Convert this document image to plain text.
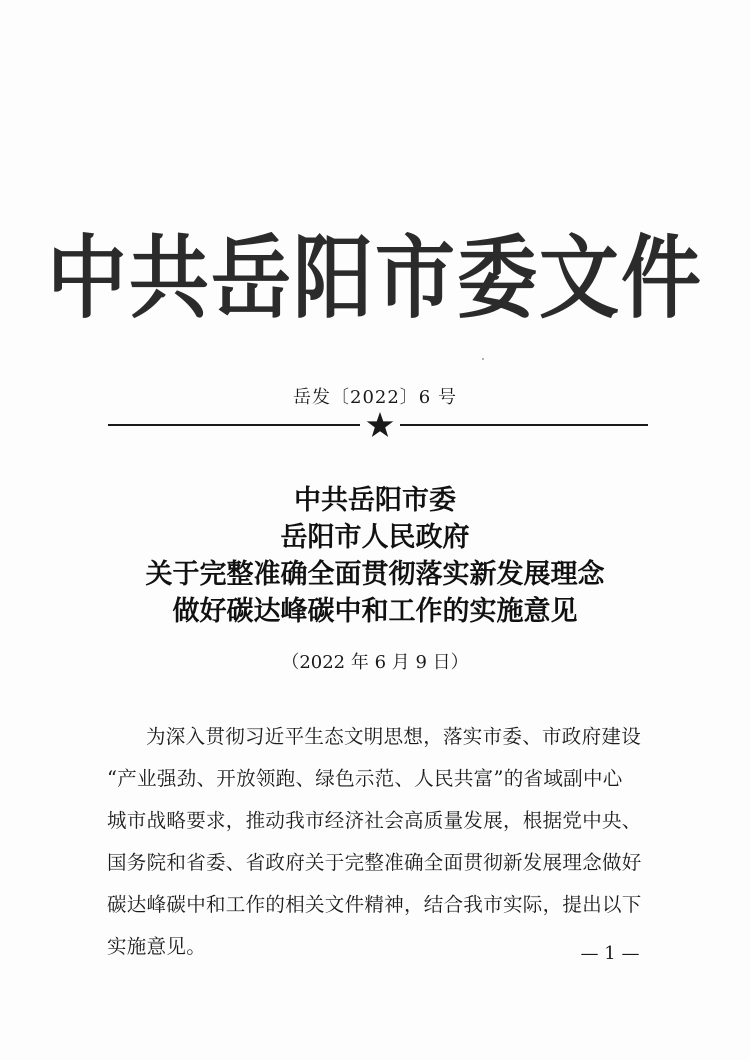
中共岳阳市委文件
岳发〔2022〕6 号
中共岳阳市委
岳阳市人民政府
关于完整准确全面贯彻落实新发展理念
做好碳达峰碳中和工作的实施意见
（2022 年 6 月 9 日）
为深入贯彻习近平生态文明思想，落实市委、市政府建设
“产业强劲、开放领跑、绿色示范、人民共富”的省域副中心
城市战略要求，推动我市经济社会高质量发展，根据党中央、
国务院和省委、省政府关于完整准确全面贯彻新发展理念做好
碳达峰碳中和工作的相关文件精神，结合我市实际，提出以下
实施意见。	— 1 —
